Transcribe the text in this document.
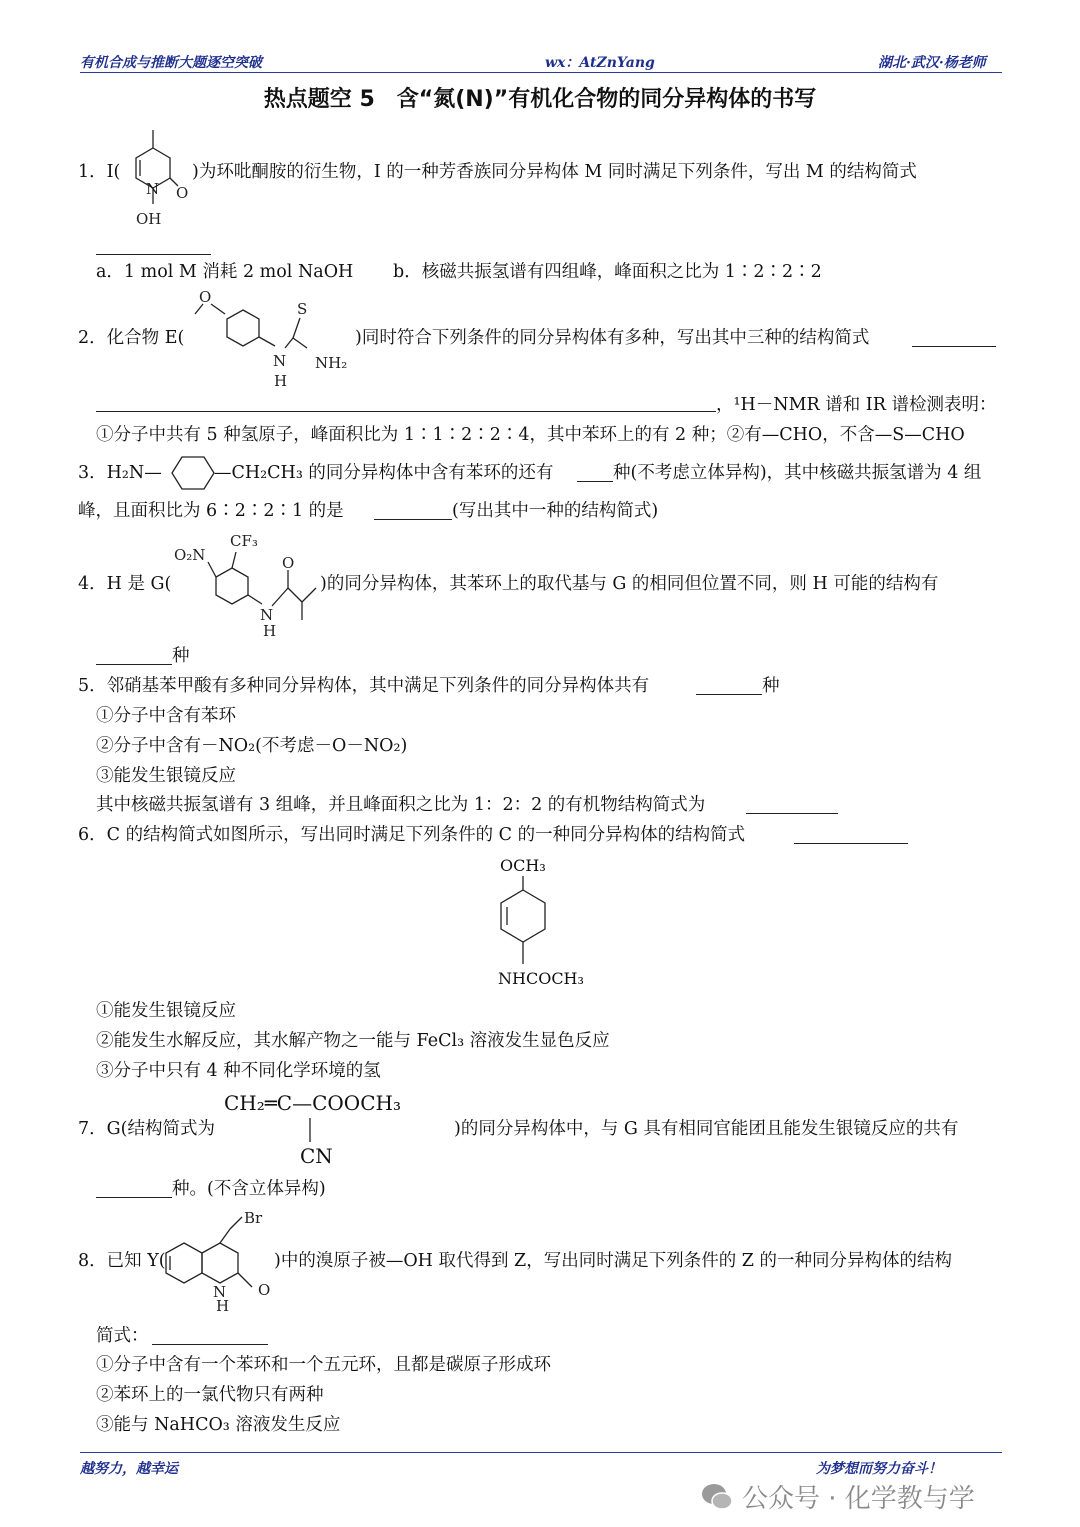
有机合成与推断大题逐空突破	wx：AtZnYang	湖北·武汉·杨老师
热点题空 5　含“氮(N)”有机化合物的同分异构体的书写
N O
OH
1．I(	)为环吡酮胺的衍生物，I 的一种芳香族同分异构体 M 同时满足下列条件，写出 M 的结构简式
a．1 mol M 消耗 2 mol NaOH b．核磁共振氢谱有四组峰，峰面积之比为 1∶2∶2∶2
O
S
N
H
NH₂
2．化合物 E(	)同时符合下列条件的同分异构体有多种，写出其中三种的结构简式
，¹H－NMR 谱和 IR 谱检测表明：
①分子中共有 5 种氢原子，峰面积比为 1∶1∶2∶2∶4，其中苯环上的有 2 种；②有—CHO，不含—S—CHO
3．H₂N—	—CH₂CH₃ 的同分异构体中含有苯环的还有	种(不考虑立体异构)，其中核磁共振氢谱为 4 组
峰，且面积比为 6∶2∶2∶1 的是	(写出其中一种的结构简式)
CF₃
O₂N
N
H
O
4．H 是 G(	)的同分异构体，其苯环上的取代基与 G 的相同但位置不同，则 H 可能的结构有
种
5．邻硝基苯甲酸有多种同分异构体，其中满足下列条件的同分异构体共有	种
①分子中含有苯环
②分子中含有－NO₂(不考虑－O－NO₂)
③能发生银镜反应
其中核磁共振氢谱有 3 组峰，并且峰面积之比为 1：2：2 的有机物结构简式为
6．C 的结构简式如图所示，写出同时满足下列条件的 C 的一种同分异构体的结构简式
OCH₃
NHCOCH₃
①能发生银镜反应
②能发生水解反应，其水解产物之一能与 FeCl₃ 溶液发生显色反应
③分子中只有 4 种不同化学环境的氢
7．G(结构简式为
CH₂═C—COOCH₃
CN
)的同分异构体中，与 G 具有相同官能团且能发生银镜反应的共有
种。(不含立体异构)
Br
N
H
O
8．已知 Y(	)中的溴原子被—OH 取代得到 Z，写出同时满足下列条件的 Z 的一种同分异构体的结构
简式：
①分子中含有一个苯环和一个五元环，且都是碳原子形成环
②苯环上的一氯代物只有两种
③能与 NaHCO₃ 溶液发生反应
越努力，越幸运	为梦想而努力奋斗！
公众号 · 化学教与学
